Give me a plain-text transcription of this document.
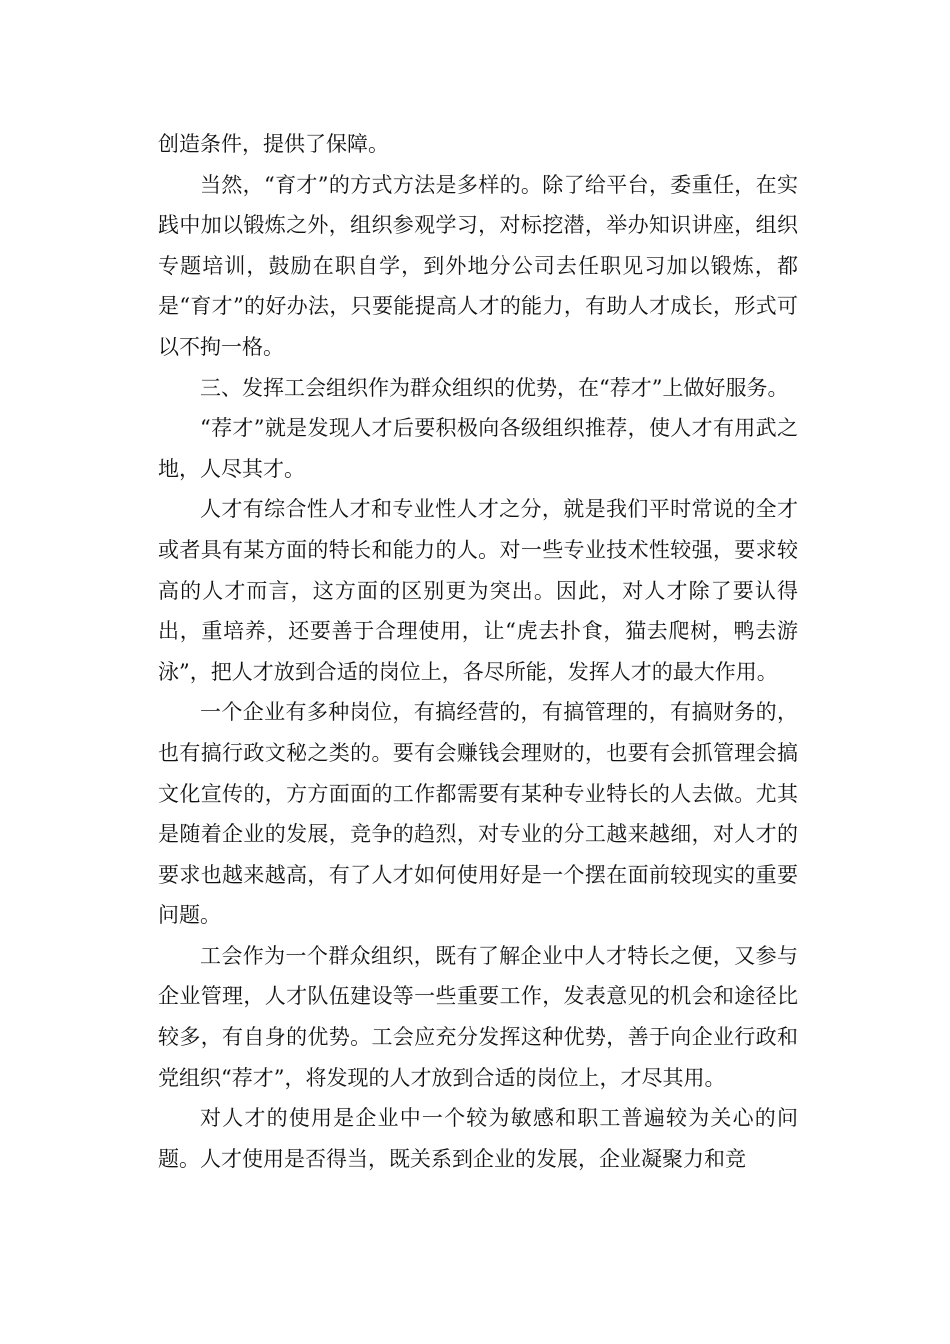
创造条件，提供了保障。

当然，“育才”的方式方法是多样的。除了给平台，委重任，在实践中加以锻炼之外，组织参观学习，对标挖潜，举办知识讲座，组织专题培训，鼓励在职自学，到外地分公司去任职见习加以锻炼，都是“育才”的好办法，只要能提高人才的能力，有助人才成长，形式可以不拘一格。

三、发挥工会组织作为群众组织的优势，在“荐才”上做好服务。

“荐才”就是发现人才后要积极向各级组织推荐，使人才有用武之地，人尽其才。

人才有综合性人才和专业性人才之分，就是我们平时常说的全才或者具有某方面的特长和能力的人。对一些专业技术性较强，要求较高的人才而言，这方面的区别更为突出。因此，对人才除了要认得出，重培养，还要善于合理使用，让“虎去扑食，猫去爬树，鸭去游泳”，把人才放到合适的岗位上，各尽所能，发挥人才的最大作用。

一个企业有多种岗位，有搞经营的，有搞管理的，有搞财务的，也有搞行政文秘之类的。要有会赚钱会理财的，也要有会抓管理会搞文化宣传的，方方面面的工作都需要有某种专业特长的人去做。尤其是随着企业的发展，竞争的趋烈，对专业的分工越来越细，对人才的要求也越来越高，有了人才如何使用好是一个摆在面前较现实的重要问题。

工会作为一个群众组织，既有了解企业中人才特长之便，又参与企业管理，人才队伍建设等一些重要工作，发表意见的机会和途径比较多，有自身的优势。工会应充分发挥这种优势，善于向企业行政和党组织“荐才”，将发现的人才放到合适的岗位上，才尽其用。

对人才的使用是企业中一个较为敏感和职工普遍较为关心的问题。人才使用是否得当，既关系到企业的发展，企业凝聚力和竞
